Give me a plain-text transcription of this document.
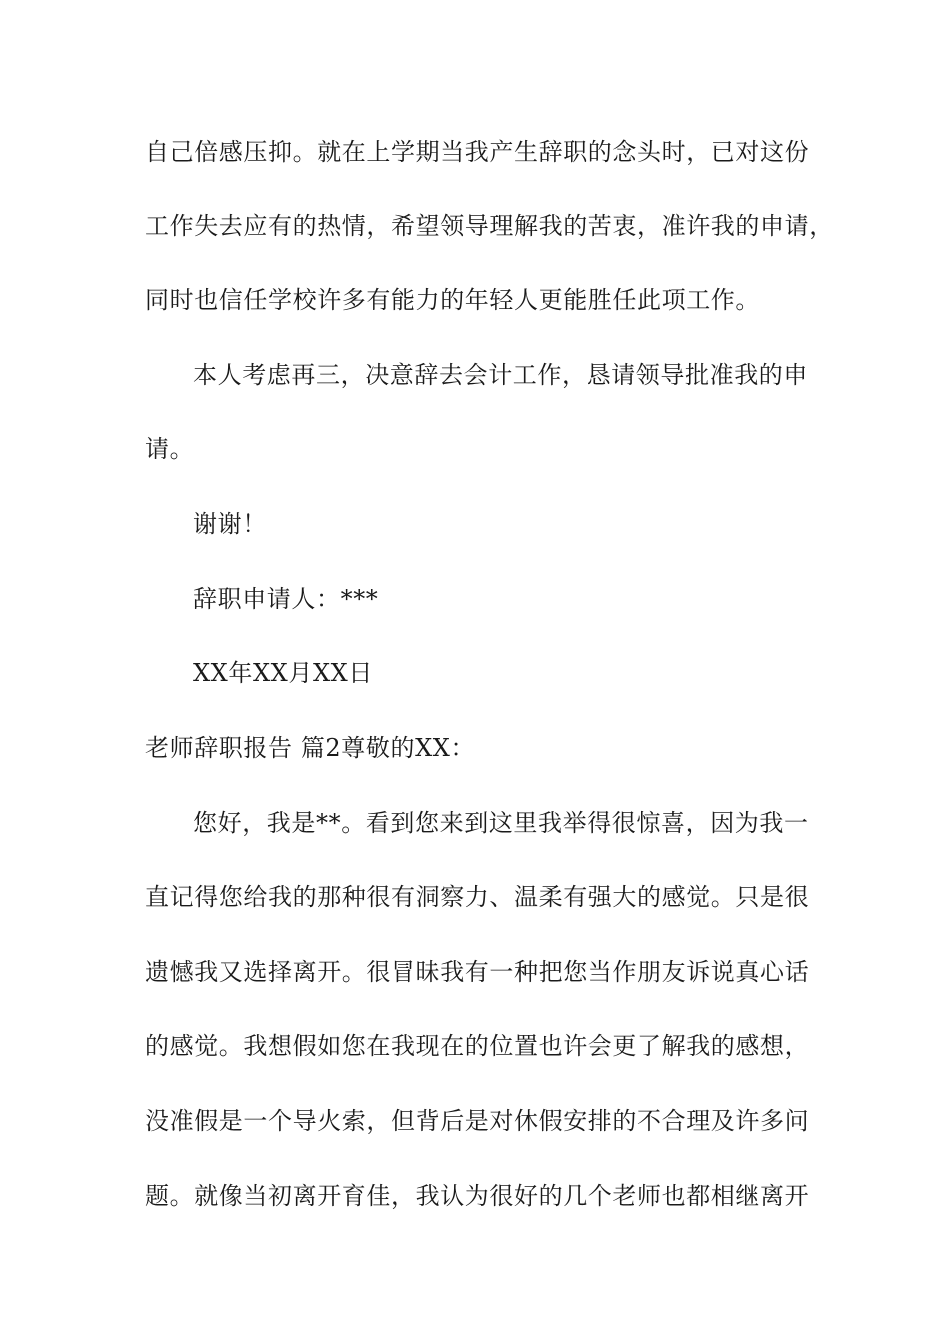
自己倍感压抑。就在上学期当我产生辞职的念头时，已对这份
工作失去应有的热情，希望领导理解我的苦衷，准许我的申请，
同时也信任学校许多有能力的年轻人更能胜任此项工作。
本人考虑再三，决意辞去会计工作，恳请领导批准我的申
请。
谢谢！
辞职申请人：***
XX年XX月XX日
老师辞职报告 篇2尊敬的XX：
您好，我是**。看到您来到这里我举得很惊喜，因为我一
直记得您给我的那种很有洞察力、温柔有强大的感觉。只是很
遗憾我又选择离开。很冒昧我有一种把您当作朋友诉说真心话
的感觉。我想假如您在我现在的位置也许会更了解我的感想，
没准假是一个导火索，但背后是对休假安排的不合理及许多问
题。就像当初离开育佳，我认为很好的几个老师也都相继离开
